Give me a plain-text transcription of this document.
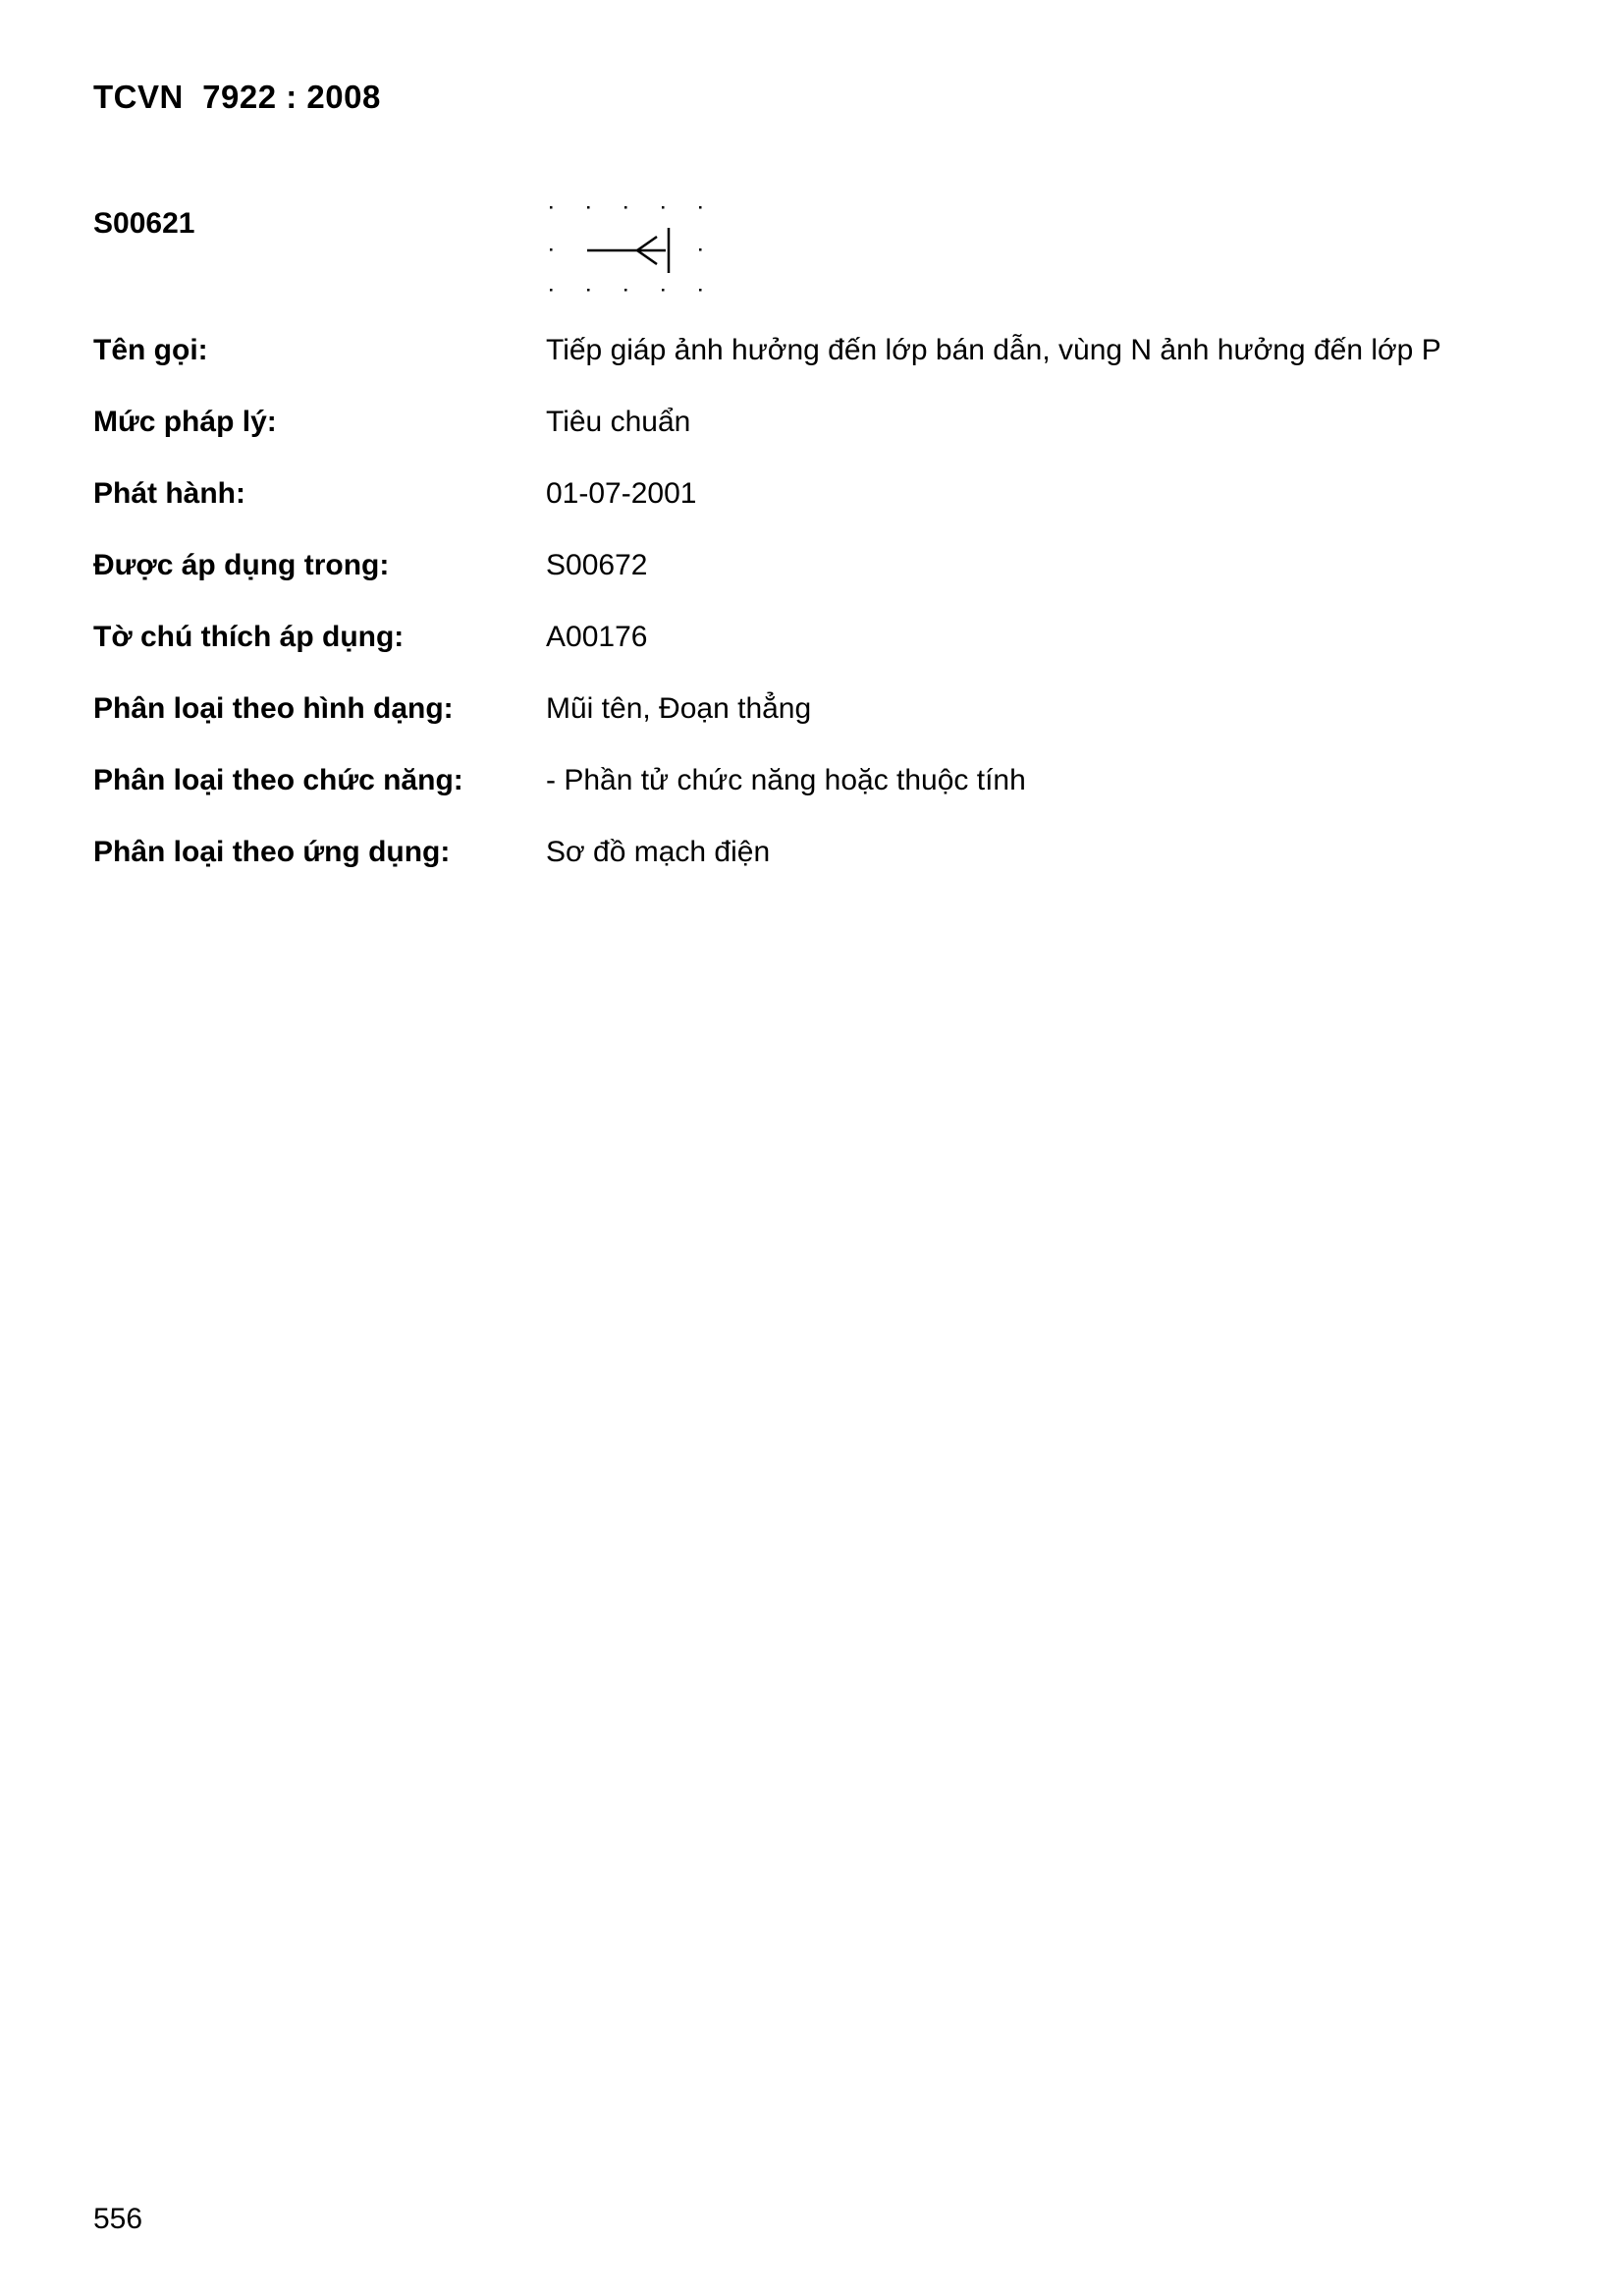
TCVN  7922 : 2008
S00621
Tên gọi:	Tiếp giáp ảnh hưởng đến lớp bán dẫn, vùng N ảnh hưởng đến lớp P
Mức pháp lý:	Tiêu chuẩn
Phát hành:	01-07-2001
Được áp dụng trong:	S00672
Tờ chú thích áp dụng:	A00176
Phân loại theo hình dạng:	Mũi tên, Đoạn thẳng
Phân loại theo chức năng:	- Phần tử chức năng hoặc thuộc tính
Phân loại theo ứng dụng:	Sơ đồ mạch điện
556
